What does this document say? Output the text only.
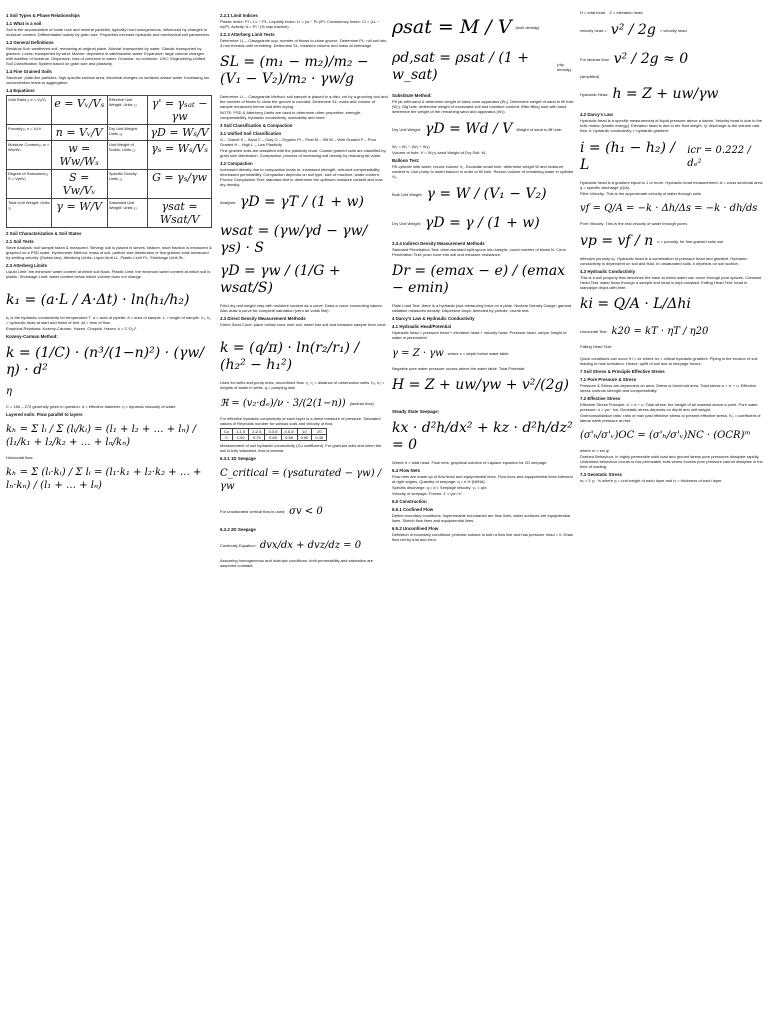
1 Soil Types & Phase Relationships
1.1 What is a soil

Soil is the accumulation of loose rock and mineral particles, typically non-homogeneous, influenced by changes in moisture content. Differentiated mainly by grain size. Properties increase hydraulic and mechanical soil parameters.

1.3 General Definitions

Residual Soil: weathered soil, remaining at original place. Alluvial: transported by water. Glacial: transported by glaciers. Loess: transported by wind. Marine: deposited in salt/brackish water. Expansive: large volume changes with addition of moisture. Dispersive: loss of cohesion in water. Granular: no cohesion. USC: Engineering Unified Soil Classification System based on grain size and plasticity.

1.4 Fine Grained Soils

Structure: plate-like particles, high specific surface area, electrical charges on surfaces attract water. Increasing ion concentration leads to aggregation.

1.4 Equations
Void Ratio₂₃ e = Vᵥ/Vₛ	e = Vᵥ/Vₛ	Effective Unit Weight: Units ₃₃	γ' = γₛₐₜ − γw
Porosity₃₃ n = Vᵥ/V	n = Vᵥ/V	Dry Unit Weight: Units ₃₃	γD = Wₛ/V
Moisture Content₃₃ w = Ww/Wₛ	w = Ww/Wₛ	Unit Weight of Solids: Units ₃₃	γₛ = Wₛ/Vₛ
Degree of Saturation₃₃ S = Vw/Vᵥ	S = Vw/Vᵥ	Specific Gravity: Units ₃₃	G = γₛ/γw
Total Unit Weight: Units ₃₃	γ = W/V	Saturated Unit Weight: Units ₃₃	γsat = Wsat/V
2 Soil Characterization & Soil States
2.1 Soil Tests

Sieve Analysis: soil sample taken & measured. Sieving: soil is placed in sieves, shaken, each fraction is measured & graphed on a PSD scale. Hydrometer Method: mass of soil, particle size distribution of fine grained soils measured by settling velocity (Stokes law). Atterberg Limits: Liquid limit LL, Plastic Limit PL, Shrinkage Limit SL.

2.3 Atterberg Limits

Liquid Limit: the minimum water content at which soil flows. Plastic Limit: the minimum water content at which soil is plastic. Shrinkage Limit: water content below which volume does not change.

k₁ = (a·L / A·Δt) · ln(h₁/h₂)

k₁ is the hydraulic conductivity for temperature T. a = area of pipette. A = area of sample. L = length of sample. h₁, h₂ = hydraulic head at start and finish of test. Δt = time of flow.

Empirical Relations: Kozeny-Carman, Hazen, Chapuis. Hazen: k = C·D₁₀².

Kozeny-Carman Method:
k = (1/C) · (n³/(1−n)²) · (γw/η) · d²
η

C = 180 – 270 generally given in question. d = effective diameter. η = dynamic viscosity of water.

Layered soils: Flow parallel to layers
kₕ = Σ lᵢ / Σ (lᵢ/kᵢ) = (l₁ + l₂ + … + lₙ) / (l₁/k₁ + l₂/k₂ + … + lₙ/kₙ)

Horizontal flow:

kₕ = Σ (lᵢ·kᵢ) / Σ lᵢ = (l₁·k₁ + l₂·k₂ + … + lₙ·kₙ) / (l₁ + … + lₙ)
2.2.1 Limit Indices

Plastic Index: PI = LL − PL. Liquidity Index: LI = (w − PL)/PI. Consistency Index: CI = (LL − w)/PI. Activity: A = PI / (% clay fraction).

2.2.3 Atterberg Limit Tests

Determine LL – Casagrande cup: number of blows to close groove. Determine PL: roll soil into 3 mm threads until crumbling. Determine SL: measure volume and mass at shrinkage.

SL = (m₁ − m₂)/m₂ − (V₁ − V₂)/m₂ · γw/g

Determine LL – Casagrande Method: soil sample is placed in a dish, cut by a grooving tool and the number of blows to close the groove is counted. Determine SL: mass and volume of sample measured before and after drying.

NOTE: PSD & Atterberg Limits are used to determine other properties: strength, compressibility, hydraulic conductivity, workability and more.

3 Soil Classification & Compaction
3.1 Unified Soil Classification

G – Gravel S – Sand C – Clay O – Organic Pt – Peat M – Silt W – Well Graded P – Poor Graded H – High L – Low Plasticity

Fine grained soils are classified with the plasticity chart. Coarse grained soils are classified by grain size distribution. Compaction: process of increasing soil density by reducing air voids.

3.2 Compaction

Increased density due to compaction leads to: increased strength, reduced compressibility, decreased permeability. Compaction depends on soil type, size of machine, water content. Proctor Compaction Test: standard test to determine the optimum moisture content and max dry density.

Analysis: γD = γT / (1 + w)
wsat = (γw/γd − γw/γs) · S
γD = γw / (1/G + wsat/S)

Field dry unit weight vary with moisture content as a curve. Draw a curve connecting values. Also draw a curve for complete saturation (zero air voids line).

3.3 Direct Density Measurement Methods

Direct Sand Cone: place hollow cone over soil, insert into soil and measure sample from cone.

k = (q/π) · ln(r₂/r₁) / (h₂² − h₁²)

Used for wells and pump tests, unconfined flow. r₁, r₂ = distance of observation wells. h₁, h₂ = heights of water in wells. q = pumping rate.

ℜ = (v₂·dₑ)/ν · 3/(2(1−n)) (laminar flow)

For effective hydraulic conductivity of each layer is a direct measure of pressure. Tabulated values of Reynolds number for various soils and velocity of flow.

Cu	1-1.5	2-2.5	3-3.5	4.5-5	10	20
C	1.00	0.75	0.65	0.55	0.50	0.45

Measurement of soil hydraulic conductivity (Cu coefficient). For granular soils and when the soil is fully saturated, flow is laminar.

6.3.1 1D Seepage
C_critical = (γsaturated − γw) / γw
For unsaturated vertical flow is used: σv < 0
6.3.2 2D Seepage
Continuity Equation: dvx/dx + dvz/dz = 0

Assuming homogeneous and isotropic conditions, both permeability and saturation are assumed constant.

ρsat = M / V (bulk density)
ρd,sat = ρsat / (1 + w_sat)
(dry density)
Substitute Method:

Fill jar with sand & determine weight of sand-cone apparatus (W₁). Determine weight of sand to fill hole (W₂). Dig hole, determine weight of excavated soil and moisture content. After filling hole with sand determine the weight of the remaining sand and apparatus (W₃).

Dry Unit Weight: γD = Wd / V Weight of sand to fill hole:

W₂ = W₁ − (W₃ + W₄)

Volume of hole: V = W₂/γ sand Weight of Dry Soil: Wₛ

Balloon Test:

Fill cylinder with water, record volume V₁. Excavate small hole, determine weight W and moisture content w. Use pump to insert balloon in order to fill hole. Record volume of remaining water in cylinder V₂.

Bulk Unit Weight: γ = W / (V₁ − V₂)
Dry Unit Weight: γD = γ / (1 + w)
3.3.4 Indirect Density Measurement Methods

Standard Penetration Test: drive standard split spoon into sample, count number of blows N. Cone Penetration Test: push cone into soil and measure resistance.

Dr = (emax − e) / (emax − emin)

Plate Load Test: there is a hydraulic jack measuring force on a plate. Nuclear Density Gauge: gamma radiation measures density. Dispersive clays: detected by pinhole, crumb test.

4 Darcy's Law & Hydraulic Conductivity
4.1 Hydraulic Head/Potential

Hydraulic head = pressure head + elevation head + velocity head. Pressure head, uw/γw: height of water in piezometer.

γ = Z · γw where z = depth below water table

Negative pore water pressure occurs above the water table. Total Potential:

H = Z + uw/γw + v²/(2g)
Steady State Seepage:
kx · d²h/dx² + kz · d²h/dz² = 0

Where h = total head. Flow nets: graphical solution of Laplace equation for 2D seepage.

6.4 Flow Nets

Flow nets are made up of flow lines and equipotential lines. Flow lines and equipotential lines intersect at right angles. Quantity of seepage: q = k·H·(Nf/Nd).

Specific discharge: q = k·i. Seepage velocity: vₛ = q/n.

Velocity of seepage: Forces: Σ = γw·i·V

6.5 Construction
6.5.1 Confined Flow

Define boundary conditions: impermeable boundaries are flow lines, water surfaces are equipotential lines. Sketch flow lines and equipotential lines.

6.5.2 Unconfined Flow

Definition of boundary conditions: phreatic surface is both a flow line and has pressure head = 0. Draw flow net by trial and error.

H = total head Z = elevation head

velocity head = v² / 2g = velocity head
For laminar flow: v² / 2g ≈ 0

(simplified)

Hydraulic Head: h = Z + uw/γw
4.2 Darcy's Law

Hydraulic head is a specific measurement of liquid pressure above a datum. Velocity head is due to the bulk motion (kinetic energy). Elevation head is due to the fluid weight. Q: discharge is the volume rate flow. k: hydraulic conductivity. i: hydraulic gradient.

i = (h₁ − h₂) / L
icr = 0.222 / dₑ²

Hydraulic head is a gradient equal to 1 or more. Hydraulic head measurement: A = cross sectional area. q = specific discharge (Q/A).

Filter Velocity: This is the approximate velocity of water through soils

vf = Q/A = −k · Δh/Δs = −k · dh/ds

Pore Velocity: This is the real velocity of water through pores

vp = vf / n n = porosity, for fine grained soils use

effective porosity nₑ. Hydraulic head is a combination of pressure head and gradient. Hydraulic conductivity is dependent on soil and fluid. In unsaturated soils, k depends on soil suction.

4.3 Hydraulic Conductivity

This is a soil property that describes the ease at which water can move through pore spaces. Constant Head Test: water flows through a sample and head is kept constant. Falling Head Test: head in standpipe drops with time.

ki = Q/A · L/Δhi
Horizontal Test: k20 = kT · ηT / η20

Falling Head Test:

Quick conditions can occur if i > icr where icr = critical hydraulic gradient. Piping is the erosion of soil leading to hole formation. Heave: uplift of soil due to seepage forces.

7 Soil Stress & Principle Effective Stress
7.1 Pore Pressure & Stress

Pressure & Stress are dependent on area. Stress is force/unit area. Total stress σ = σ' + u. Effective stress controls strength and compressibility.

7.2 Effective Stress

Effective Stress Principle: σ' = σ − u. Total stress: the weight of all material above a point. Pore water pressure: u = γw · hw. Geostatic stress depends on depth and unit weight.

Overconsolidation ratio: ratio of max past effective stress to present effective stress. K₀ = coefficient of lateral earth pressure at rest.

(σ'ₕ/σ'ᵥ)OC = (σ'ₕ/σ'ᵥ)NC · (OCR)ᵐ

where m ≈ sin φ'

Drained Behaviour: in highly permeable soils load and ground stress pore pressures dissipate rapidly. Undrained behaviour occurs in low permeable soils where excess pore pressure cannot dissipate in the time of loading.

7.3 Geostatic Stress

σᵥ = Σ γᵢ · hᵢ where γᵢ = unit weight of each layer and hᵢ = thickness of each layer.
